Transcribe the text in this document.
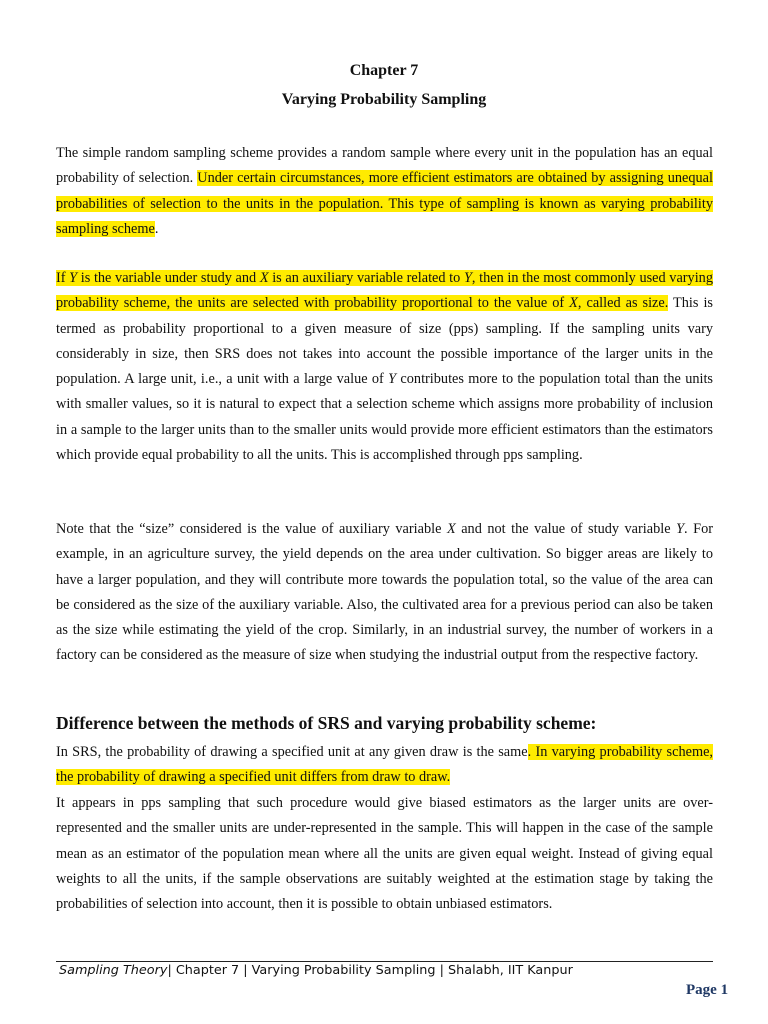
Chapter 7
Varying Probability Sampling

The simple random sampling scheme provides a random sample where every unit in the population has an equal probability of selection. Under certain circumstances, more efficient estimators are obtained by assigning unequal probabilities of selection to the units in the population. This type of sampling is known as varying probability sampling scheme.

If Y is the variable under study and X is an auxiliary variable related to Y, then in the most commonly used varying probability scheme, the units are selected with probability proportional to the value of X, called as size. This is termed as probability proportional to a given measure of size (pps) sampling. If the sampling units vary considerably in size, then SRS does not takes into account the possible importance of the larger units in the population. A large unit, i.e., a unit with a large value of Y contributes more to the population total than the units with smaller values, so it is natural to expect that a selection scheme which assigns more probability of inclusion in a sample to the larger units than to the smaller units would provide more efficient estimators than the estimators which provide equal probability to all the units. This is accomplished through pps sampling.

Note that the “size” considered is the value of auxiliary variable X and not the value of study variable Y. For example, in an agriculture survey, the yield depends on the area under cultivation. So bigger areas are likely to have a larger population, and they will contribute more towards the population total, so the value of the area can be considered as the size of the auxiliary variable. Also, the cultivated area for a previous period can also be taken as the size while estimating the yield of the crop. Similarly, in an industrial survey, the number of workers in a factory can be considered as the measure of size when studying the industrial output from the respective factory.

Difference between the methods of SRS and varying probability scheme:

In SRS, the probability of drawing a specified unit at any given draw is the same. In varying probability scheme, the probability of drawing a specified unit differs from draw to draw.

It appears in pps sampling that such procedure would give biased estimators as the larger units are over-represented and the smaller units are under-represented in the sample. This will happen in the case of the sample mean as an estimator of the population mean where all the units are given equal weight. Instead of giving equal weights to all the units, if the sample observations are suitably weighted at the estimation stage by taking the probabilities of selection into account, then it is possible to obtain unbiased estimators.

Sampling Theory| Chapter 7 | Varying Probability Sampling | Shalabh, IIT Kanpur
Page 1
